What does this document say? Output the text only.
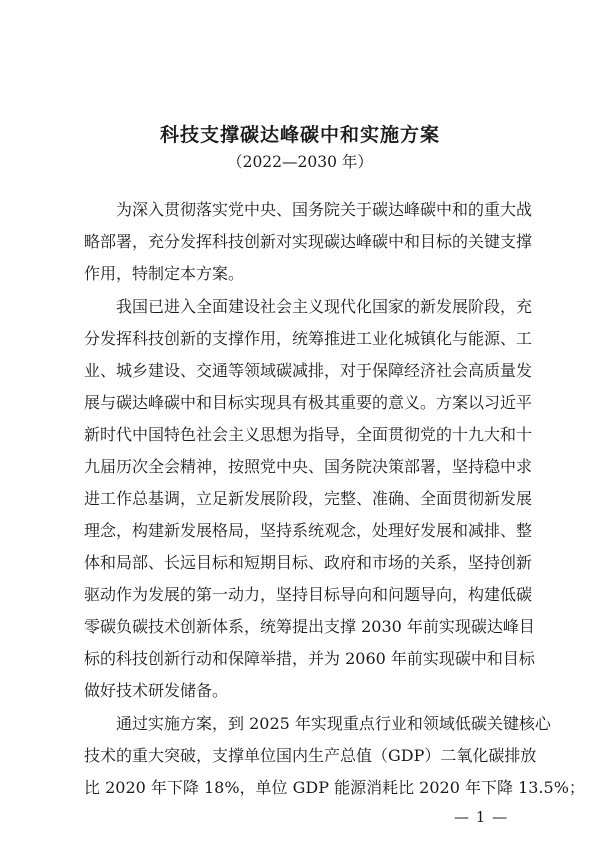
科技支撑碳达峰碳中和实施方案
（2022—2030 年）
为深入贯彻落实党中央、国务院关于碳达峰碳中和的重大战
略部署，充分发挥科技创新对实现碳达峰碳中和目标的关键支撑
作用，特制定本方案。
我国已进入全面建设社会主义现代化国家的新发展阶段，充
分发挥科技创新的支撑作用，统筹推进工业化城镇化与能源、工
业、城乡建设、交通等领域碳减排，对于保障经济社会高质量发
展与碳达峰碳中和目标实现具有极其重要的意义。方案以习近平
新时代中国特色社会主义思想为指导，全面贯彻党的十九大和十
九届历次全会精神，按照党中央、国务院决策部署，坚持稳中求
进工作总基调，立足新发展阶段，完整、准确、全面贯彻新发展
理念，构建新发展格局，坚持系统观念，处理好发展和减排、整
体和局部、长远目标和短期目标、政府和市场的关系，坚持创新
驱动作为发展的第一动力，坚持目标导向和问题导向，构建低碳
零碳负碳技术创新体系，统筹提出支撑 2030 年前实现碳达峰目
标的科技创新行动和保障举措，并为 2060 年前实现碳中和目标
做好技术研发储备。
通过实施方案，到 2025 年实现重点行业和领域低碳关键核心
技术的重大突破，支撑单位国内生产总值（GDP）二氧化碳排放
比 2020 年下降 18%，单位 GDP 能源消耗比 2020 年下降 13.5%；
— 1 —
